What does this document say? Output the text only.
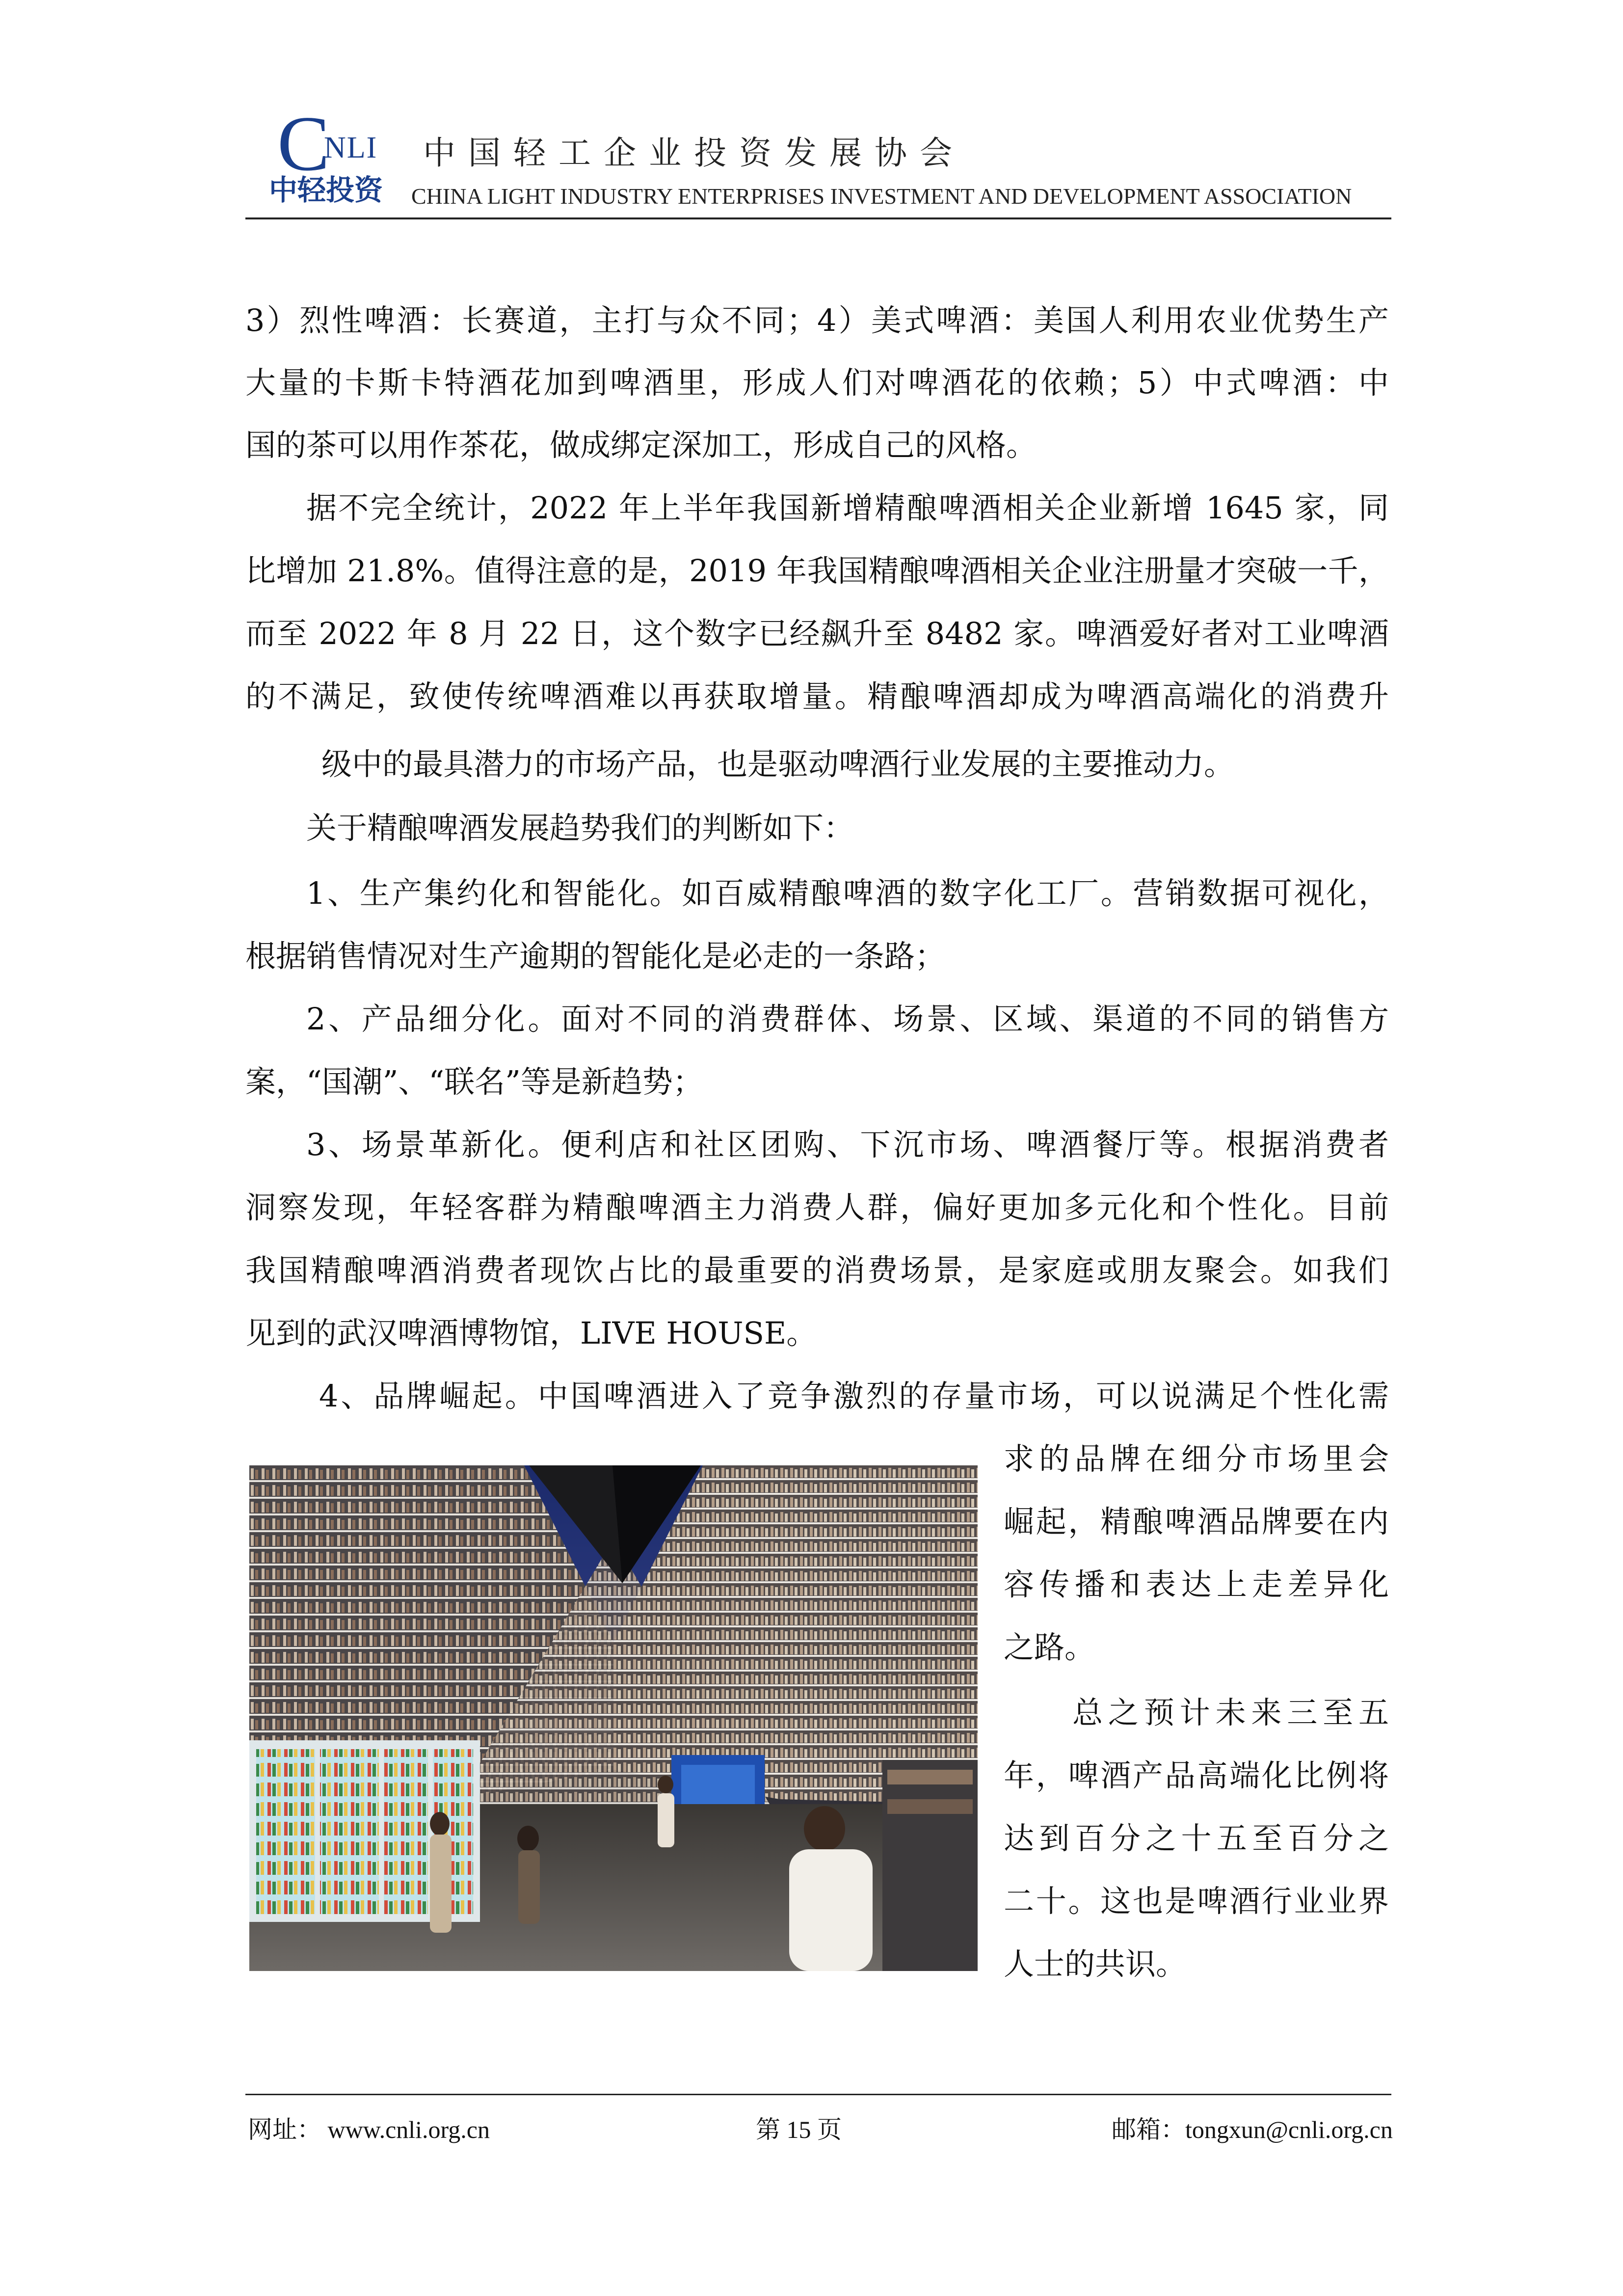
C
NLI
中轻投资
中国轻工企业投资发展协会
CHINA LIGHT INDUSTRY ENTERPRISES INVESTMENT AND DEVELOPMENT ASSOCIATION
3）烈性啤酒：长赛道，主打与众不同；4）美式啤酒：美国人利用农业优势生产
大量的卡斯卡特酒花加到啤酒里，形成人们对啤酒花的依赖；5）中式啤酒：中
国的茶可以用作茶花，做成绑定深加工，形成自己的风格。
据不完全统计，2022 年上半年我国新增精酿啤酒相关企业新增 1645 家，同
比增加 21.8%。值得注意的是，2019 年我国精酿啤酒相关企业注册量才突破一千，
而至 2022 年 8 月 22 日，这个数字已经飙升至 8482 家。啤酒爱好者对工业啤酒
的不满足，致使传统啤酒难以再获取增量。精酿啤酒却成为啤酒高端化的消费升
级中的最具潜力的市场产品，也是驱动啤酒行业发展的主要推动力。
关于精酿啤酒发展趋势我们的判断如下：
1、生产集约化和智能化。如百威精酿啤酒的数字化工厂。营销数据可视化，
根据销售情况对生产逾期的智能化是必走的一条路；
2、产品细分化。面对不同的消费群体、场景、区域、渠道的不同的销售方
案，“国潮”、“联名”等是新趋势；
3、场景革新化。便利店和社区团购、下沉市场、啤酒餐厅等。根据消费者
洞察发现，年轻客群为精酿啤酒主力消费人群，偏好更加多元化和个性化。目前
我国精酿啤酒消费者现饮占比的最重要的消费场景，是家庭或朋友聚会。如我们
见到的武汉啤酒博物馆，LIVE HOUSE。
4、品牌崛起。中国啤酒进入了竞争激烈的存量市场，可以说满足个性化需
求的品牌在细分市场里会
崛起，精酿啤酒品牌要在内
容传播和表达上走差异化
之路。
总之预计未来三至五
年，啤酒产品高端化比例将
达到百分之十五至百分之
二十。这也是啤酒行业业界
人士的共识。
网址： www.cnli.org.cn	第 15 页	邮箱：tongxun@cnli.org.cn
